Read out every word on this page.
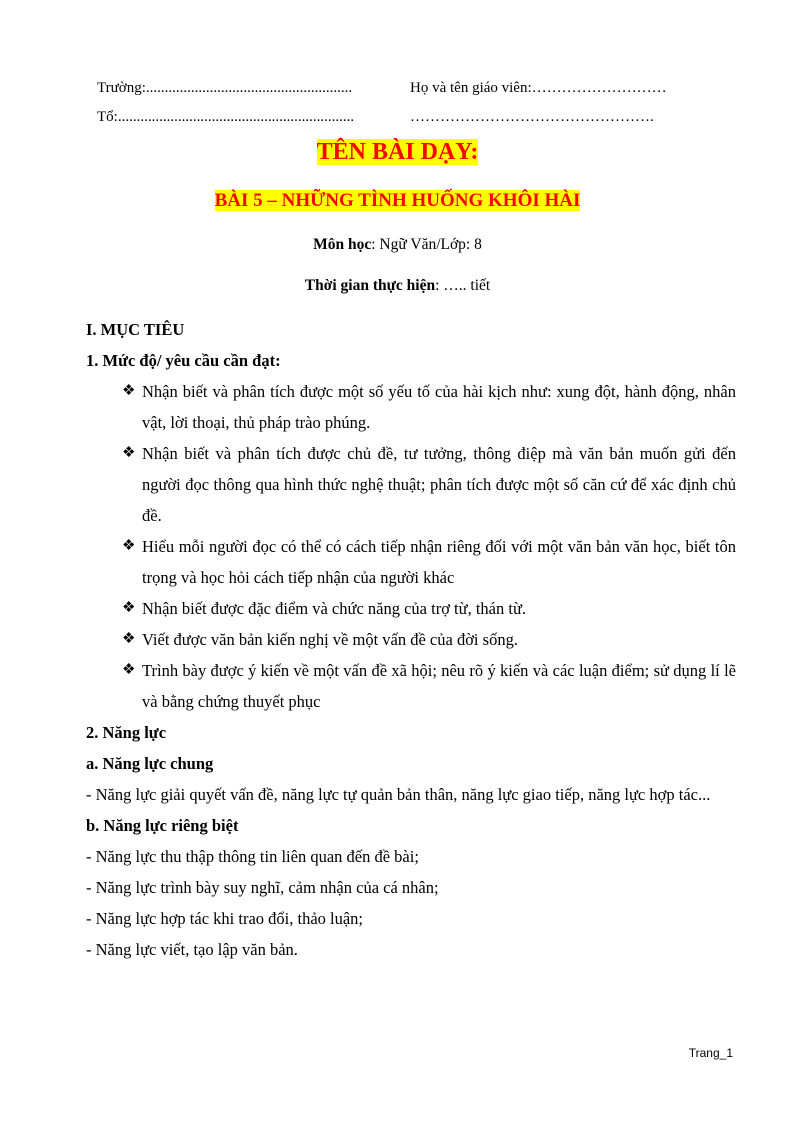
Trường:.......................................................	Họ và tên giáo viên:………………………
Tổ:...............................................................	………………………………………….
TÊN BÀI DẠY:
BÀI 5 – NHỮNG TÌNH HUỐNG KHÔI HÀI
Môn học: Ngữ Văn/Lớp: 8
Thời gian thực hiện: ….. tiết

I. MỤC TIÊU

1. Mức độ/ yêu cầu cần đạt:

❖ Nhận biết và phân tích được một số yếu tố của hài kịch như: xung đột, hành động, nhân vật, lời thoại, thủ pháp trào phúng.
❖ Nhận biết và phân tích được chủ đề, tư tưởng, thông điệp mà văn bản muốn gửi đến người đọc thông qua hình thức nghệ thuật; phân tích được một số căn cứ để xác định chủ đề.
❖ Hiểu mỗi người đọc có thể có cách tiếp nhận riêng đối với một văn bản văn học, biết tôn trọng và học hỏi cách tiếp nhận của người khác
❖ Nhận biết được đặc điểm và chức năng của trợ từ, thán từ.
❖ Viết được văn bản kiến nghị về một vấn đề của đời sống.
❖ Trình bày được ý kiến về một vấn đề xã hội; nêu rõ ý kiến và các luận điểm; sử dụng lí lẽ và bằng chứng thuyết phục

2. Năng lực

a. Năng lực chung

- Năng lực giải quyết vấn đề, năng lực tự quản bản thân, năng lực giao tiếp, năng lực hợp tác...

b. Năng lực riêng biệt

- Năng lực thu thập thông tin liên quan đến đề bài;

- Năng lực trình bày suy nghĩ, cảm nhận của cá nhân;

- Năng lực hợp tác khi trao đổi, thảo luận;

- Năng lực viết, tạo lập văn bản.

Trang_1
